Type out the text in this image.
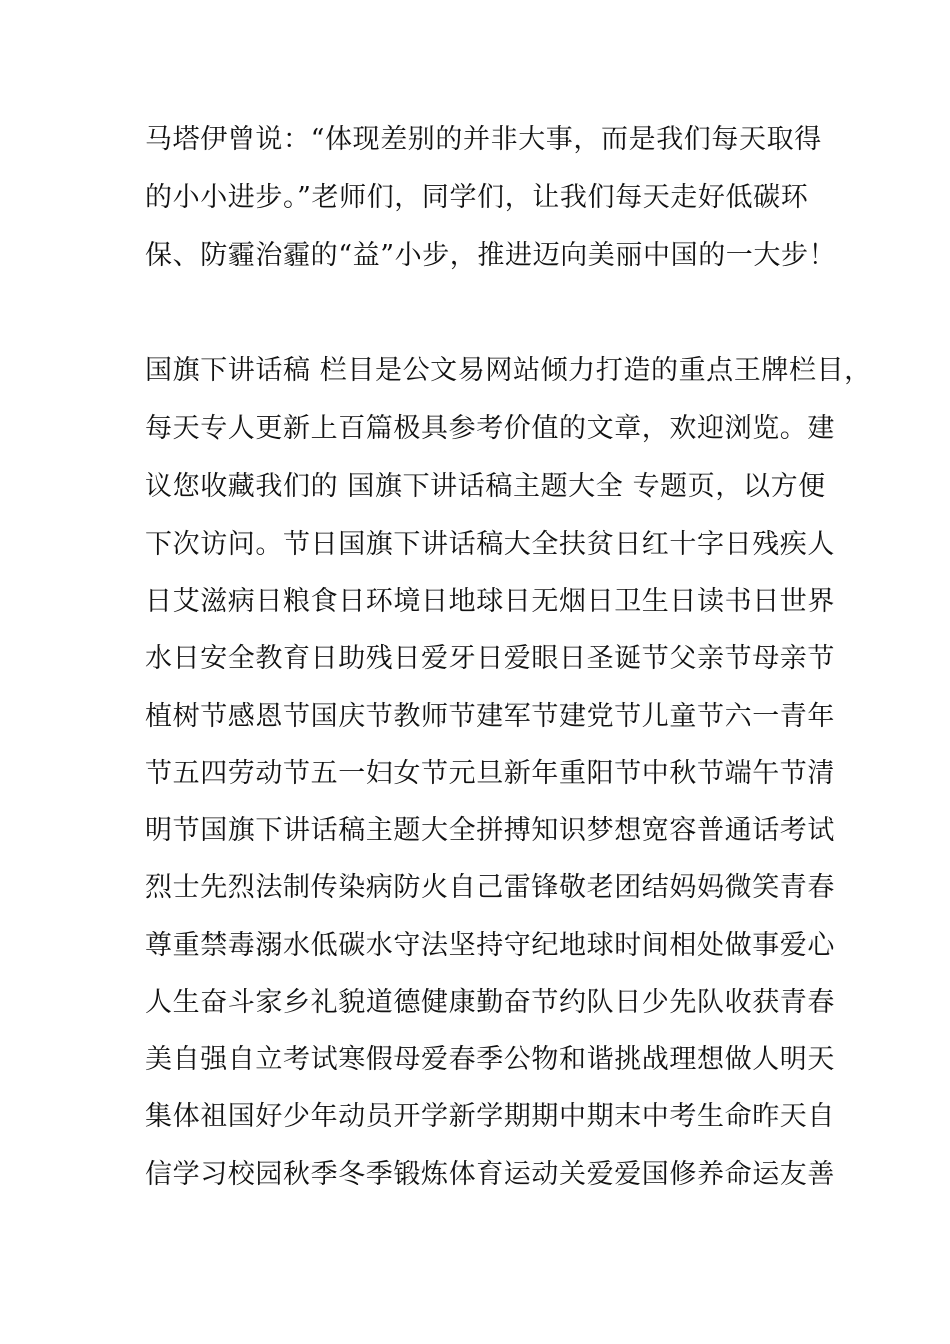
马塔伊曾说：“体现差别的并非大事，而是我们每天取得
的小小进步。”老师们，同学们，让我们每天走好低碳环
保、防霾治霾的“益”小步，推进迈向美丽中国的一大步！
国旗下讲话稿 栏目是公文易网站倾力打造的重点王牌栏目，
每天专人更新上百篇极具参考价值的文章，欢迎浏览。建
议您收藏我们的 国旗下讲话稿主题大全 专题页，以方便
下次访问。节日国旗下讲话稿大全扶贫日红十字日残疾人
日艾滋病日粮食日环境日地球日无烟日卫生日读书日世界
水日安全教育日助残日爱牙日爱眼日圣诞节父亲节母亲节
植树节感恩节国庆节教师节建军节建党节儿童节六一青年
节五四劳动节五一妇女节元旦新年重阳节中秋节端午节清
明节国旗下讲话稿主题大全拼搏知识梦想宽容普通话考试
烈士先烈法制传染病防火自己雷锋敬老团结妈妈微笑青春
尊重禁毒溺水低碳水守法坚持守纪地球时间相处做事爱心
人生奋斗家乡礼貌道德健康勤奋节约队日少先队收获青春
美自强自立考试寒假母爱春季公物和谐挑战理想做人明天
集体祖国好少年动员开学新学期期中期末中考生命昨天自
信学习校园秋季冬季锻炼体育运动关爱爱国修养命运友善
